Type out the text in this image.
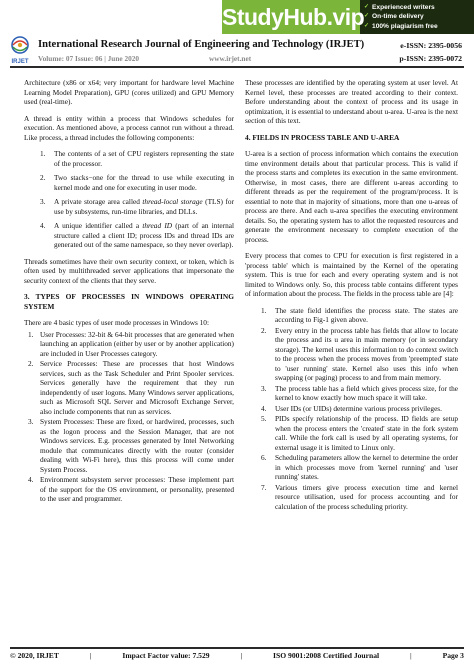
StudyHub.vip ✓ Experienced writers
✓ On-time delivery
✓ 100% plagiarism free
IRJET
International Research Journal of Engineering and Technology (IRJET)
Volume: 07 Issue: 06 | June 2020	www.irjet.net
e-ISSN: 2395-0056
p-ISSN: 2395-0072

Architecture (x86 or x64; very important for hardware level Machine Learning Model Preparation), GPU (cores utilized) and GPU Memory used (real-time).

A thread is entity within a process that Windows schedules for execution. As mentioned above, a process cannot run without a thread. Like process, a thread includes the following components:

1.	The contents of a set of CPU registers representing the state of the processor.
2.	Two stacks−one for the thread to use while executing in kernel mode and one for executing in user mode.
3.	A private storage area called thread-local storage (TLS) for use by subsystems, run-time libraries, and DLLs.
4.	A unique identifier called a thread ID (part of an internal structure called a client ID; process IDs and thread IDs are generated out of the same namespace, so they never overlap).

Threads sometimes have their own security context, or token, which is often used by multithreaded server applications that impersonate the security context of the clients that they serve.

3. TYPES OF PROCESSES IN WINDOWS OPERATING SYSTEM

There are 4 basic types of user mode processes in Windows 10:

1. User Processes: 32-bit & 64-bit processes that are generated when launching an application (either by user or by another application) are included in User Processes category.
2. Service Processes: These are processes that host Windows services, such as the Task Scheduler and Print Spooler services. Services generally have the requirement that they run independently of user logons. Many Windows server applications, such as Microsoft SQL Server and Microsoft Exchange Server, also include components that run as services.
3. System Processes: These are fixed, or hardwired, processes, such as the logon process and the Session Manager, that are not Windows services. E.g. processes generated by Intel Networking module that communicates directly with the router (consider dealing with Wi-Fi here), thus this process will come under System Process.
4. Environment subsystem server processes: These implement part of the support for the OS environment, or personality, presented to the user and programmer.

These processes are identified by the operating system at user level. At Kernel level, these processes are treated according to their context. Before understanding about the context of process and its usage in optimization, it is essential to understand about u-area. U-area is the next section of this text.

4. FIELDS IN PROCESS TABLE AND U-AREA

U-area is a section of process information which contains the execution time environment details about that particular process. This is valid if the process starts and completes its execution in the same environment. Otherwise, in most cases, there are different u-areas according to different threads as per the requirement of the program/process. It is essential to note that in majority of situations, more than one u-areas of process are there. And each u-area specifies the executing environment details. So, the operating system has to allot the requested resources and generate the environment necessary to complete execution of the process.

Every process that comes to CPU for execution is first registered in a 'process table' which is maintained by the Kernel of the operating system. This is true for each and every operating system and is not limited to Windows only. So, this process table contains different types of information about the process. The fields in the process table are [4]:

1.	The state field identifies the process state. The states are according to Fig-1 given above.
2.	Every entry in the process table has fields that allow to locate the process and its u area in main memory (or in secondary storage). The kernel uses this information to do context switch to the process when the process moves from 'preempted' state to 'user running' state. Kernel also uses this info when swapping (or paging) process to and from main memory.
3.	The process table has a field which gives process size, for the kernel to know exactly how much space it will take.
4.	User IDs (or UIDs) determine various process privileges.
5.	PIDs specify relationship of the process. ID fields are setup when the process enters the 'created' state in the fork system call. While the fork call is used by all operating systems, for external usage it is limited to Linux only.
6.	Scheduling parameters allow the kernel to determine the order in which processes move from 'kernel running' and 'user running' states.
7.	Various timers give process execution time and kernel resource utilisation, used for process accounting and for calculation of the process scheduling priority.
© 2020, IRJET	|	Impact Factor value: 7.529	|	ISO 9001:2008 Certified Journal	|	Page 3
